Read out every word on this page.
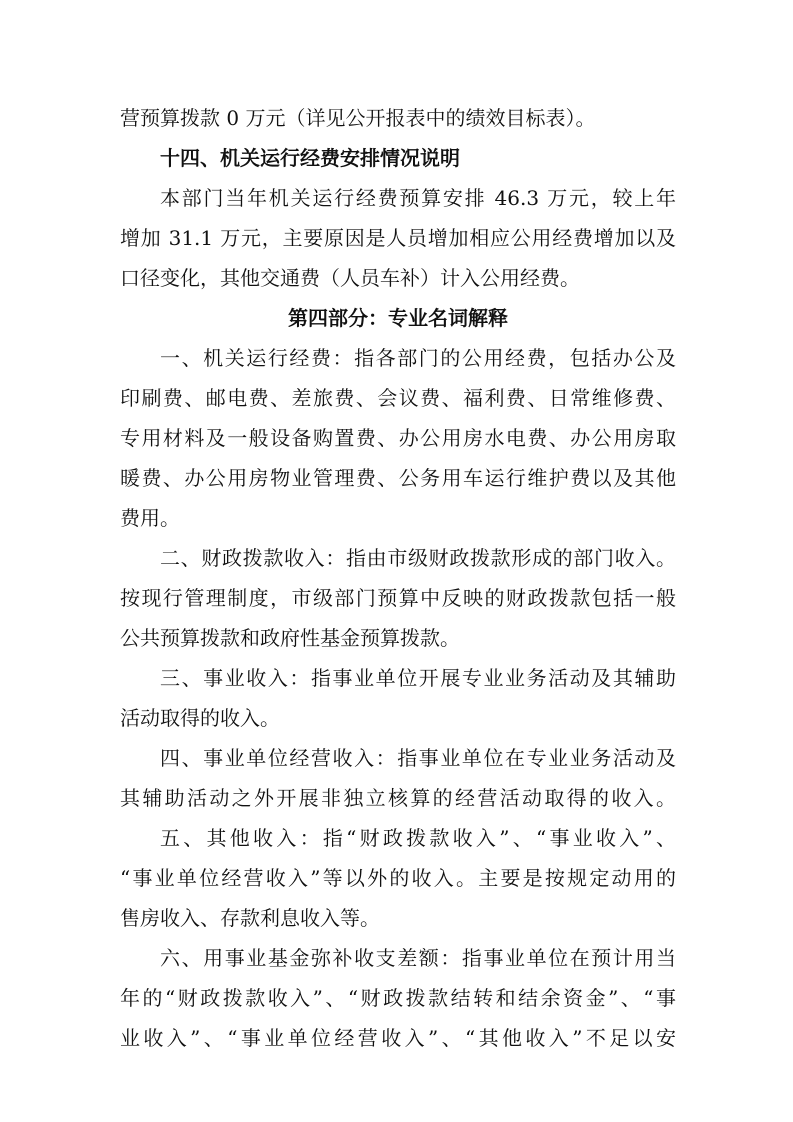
营预算拨款 0 万元（详见公开报表中的绩效目标表）。
十四、机关运行经费安排情况说明
本部门当年机关运行经费预算安排 46.3 万元，较上年
增加 31.1 万元，主要原因是人员增加相应公用经费增加以及
口径变化，其他交通费（人员车补）计入公用经费。
第四部分：专业名词解释
一、机关运行经费：指各部门的公用经费，包括办公及
印刷费、邮电费、差旅费、会议费、福利费、日常维修费、
专用材料及一般设备购置费、办公用房水电费、办公用房取
暖费、办公用房物业管理费、公务用车运行维护费以及其他
费用。
二、财政拨款收入：指由市级财政拨款形成的部门收入。
按现行管理制度，市级部门预算中反映的财政拨款包括一般
公共预算拨款和政府性基金预算拨款。
三、事业收入：指事业单位开展专业业务活动及其辅助
活动取得的收入。
四、事业单位经营收入：指事业单位在专业业务活动及
其辅助活动之外开展非独立核算的经营活动取得的收入。
五、其他收入：指“财政拨款收入”、“事业收入”、
“事业单位经营收入”等以外的收入。主要是按规定动用的
售房收入、存款利息收入等。
六、用事业基金弥补收支差额：指事业单位在预计用当
年的“财政拨款收入”、“财政拨款结转和结余资金”、“事
业收入”、“事业单位经营收入”、“其他收入”不足以安
